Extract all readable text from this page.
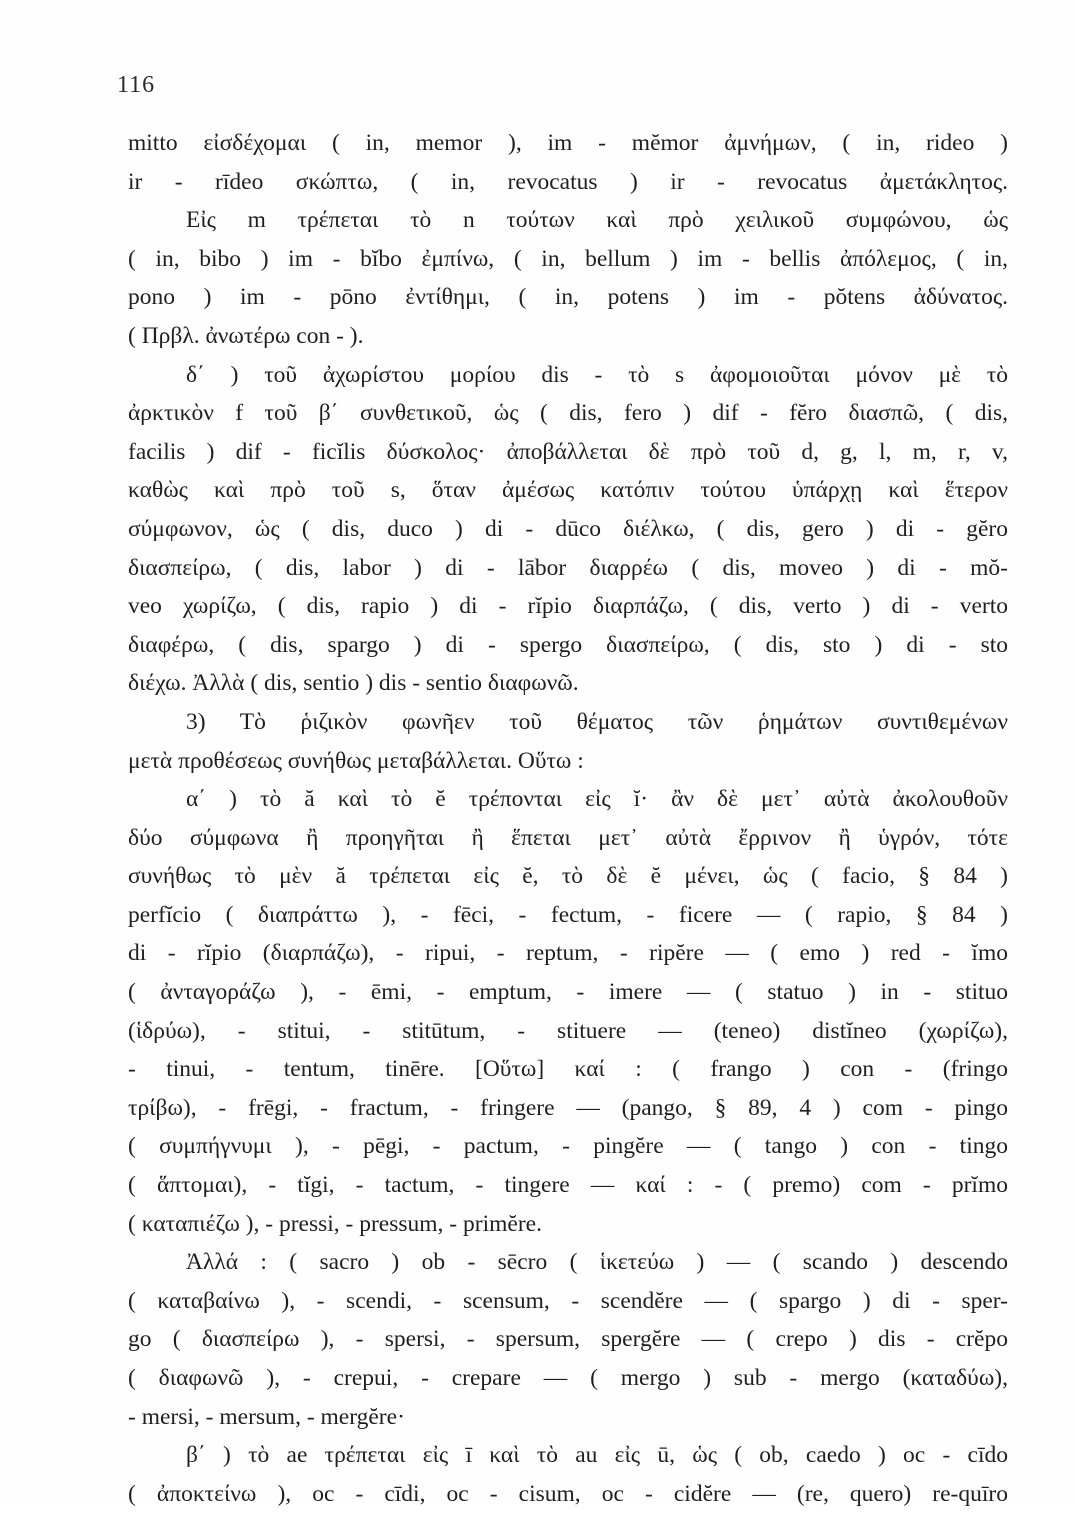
116
mitto εἰσδέχομαι ( in, memor ), im - mĕmor ἀμνήμων, ( in, rideo )
ir - rīdeo σκώπτω, ( in, revocatus ) ir - revocatus ἀμετάκλητος.
Εἰς m τρέπεται τὸ n τούτων καὶ πρὸ χειλικοῦ συμφώνου, ὡς
( in, bibo ) im - bĭbo ἐμπίνω, ( in, bellum ) im - bellis ἀπόλεμος, ( in,
pono ) im - pōno ἐντίθημι, ( in, potens ) im - pŏtens ἀδύνατος.
( Πρβλ. ἀνωτέρω con - ).
δ΄ ) τοῦ ἀχωρίστου μορίου dis - τὸ s ἀφομοιοῦται μόνον μὲ τὸ
ἀρκτικὸν f τοῦ β΄ συνθετικοῦ, ὡς ( dis, fero ) dif - fĕro διασπῶ, ( dis,
facilis ) dif - ficĭlis δύσκολος· ἀποβάλλεται δὲ πρὸ τοῦ d, g, l, m, r, v,
καθὼς καὶ πρὸ τοῦ s, ὅταν ἀμέσως κατόπιν τούτου ὑπάρχῃ καὶ ἕτερον
σύμφωνον, ὡς ( dis, duco ) di - dūco διέλκω, ( dis, gero ) di - gĕro
διασπείρω, ( dis, labor ) di - lābor διαρρέω ( dis, moveo ) di - mŏ-
veo χωρίζω, ( dis, rapio ) di - rĭpio διαρπάζω, ( dis, verto ) di - verto
διαφέρω, ( dis, spargo ) di - spergo διασπείρω, ( dis, sto ) di - sto
διέχω. Ἀλλὰ ( dis, sentio ) dis - sentio διαφωνῶ.
3) Τὸ ῥιζικὸν φωνῆεν τοῦ θέματος τῶν ῥημάτων συντιθεμένων
μετὰ προθέσεως συνήθως μεταβάλλεται. Οὕτω :
α΄ ) τὸ ă καὶ τὸ ĕ τρέπονται εἰς ĭ· ἂν δὲ μετ᾽ αὐτὰ ἀκολουθοῦν
δύο σύμφωνα ἢ προηγῆται ἢ ἕπεται μετ᾽ αὐτὰ ἔρρινον ἢ ὑγρόν, τότε
συνήθως τὸ μὲν ă τρέπεται εἰς ĕ, τὸ δὲ ĕ μένει, ὡς ( facio, § 84 )
perfĭcio ( διαπράττω ), - fēci, - fectum, - ficere — ( rapio, § 84 )
di - rĭpio (διαρπάζω), - ripui, - reptum, - ripĕre — ( emo ) red - ĭmo
( ἀνταγοράζω ), - ēmi, - emptum, - imere — ( statuo ) in - stituo
(ἱδρύω), - stitui, - stitūtum, - stituere — (teneo) distĭneo (χωρίζω),
- tinui, - tentum, tinēre. [Οὕτω] καί : ( frango ) con - (fringo
τρίβω), - frēgi, - fractum, - fringere — (pango, § 89, 4 ) com - pingo
( συμπήγνυμι ), - pēgi, - pactum, - pingĕre — ( tango ) con - tingo
( ἅπτομαι), - tĭgi, - tactum, - tingere — καί : - ( premo) com - prĭmo
( καταπιέζω ), - pressi, - pressum, - primĕre.
Ἀλλά : ( sacro ) ob - sēcro ( ἱκετεύω ) — ( scando ) descendo
( καταβαίνω ), - scendi, - scensum, - scendĕre — ( spargo ) di - sper-
go ( διασπείρω ), - spersi, - spersum, spergĕre — ( crepo ) dis - crĕpo
( διαφωνῶ ), - crepui, - crepare — ( mergo ) sub - mergo (καταδύω),
- mersi, - mersum, - mergĕre·
β΄ ) τὸ ae τρέπεται εἰς ī καὶ τὸ au εἰς ū, ὡς ( ob, caedo ) oc - cīdo
( ἀποκτείνω ), oc - cīdi, oc - cisum, oc - cidĕre — (re, quero) re-quīro
